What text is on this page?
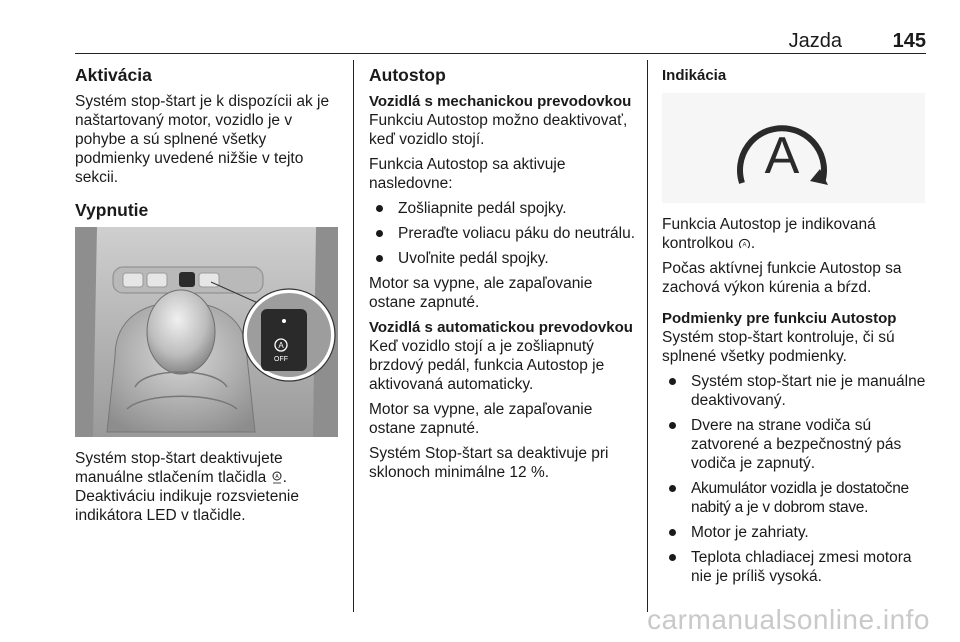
Jazda	145
Aktivácia

Systém stop-štart je k dispozícii ak je naštartovaný motor, vozidlo je v pohybe a sú splnené všetky podmienky uvedené nižšie v tejto sekcii.

Vypnutie
A
OFF

Systém stop-štart deaktivujete manuálne stlačením tlačidla A . Deaktiváciu indikuje rozsvietenie indikátora LED v tlačidle.

Autostop
Vozidlá s mechanickou prevodovkou

Funkciu Autostop možno deaktivovať, keď vozidlo stojí.

Funkcia Autostop sa aktivuje nasledovne:

Zošliapnite pedál spojky.
Preraďte voliacu páku do neutrálu.
Uvoľnite pedál spojky.

Motor sa vypne, ale zapaľovanie ostane zapnuté.

Vozidlá s automatickou prevodovkou

Keď vozidlo stojí a je zošliapnutý brzdový pedál, funkcia Autostop je aktivovaná automaticky.

Motor sa vypne, ale zapaľovanie ostane zapnuté.

Systém Stop-štart sa deaktivuje pri sklonoch minimálne 12 %.

Indikácia
A

Funkcia Autostop je indikovaná kontrolkou A .

Počas aktívnej funkcie Autostop sa zachová výkon kúrenia a bŕzd.

Podmienky pre funkciu Autostop

Systém stop-štart kontroluje, či sú splnené všetky podmienky.

Systém stop-štart nie je manuálne deaktivovaný.
Dvere na strane vodiča sú zatvorené a bezpečnostný pás vodiča je zapnutý.
Akumulátor vozidla je dostatočne nabitý a je v dobrom stave.
Motor je zahriaty.
Teplota chladiacej zmesi motora nie je príliš vysoká.
carmanualsonline.info
